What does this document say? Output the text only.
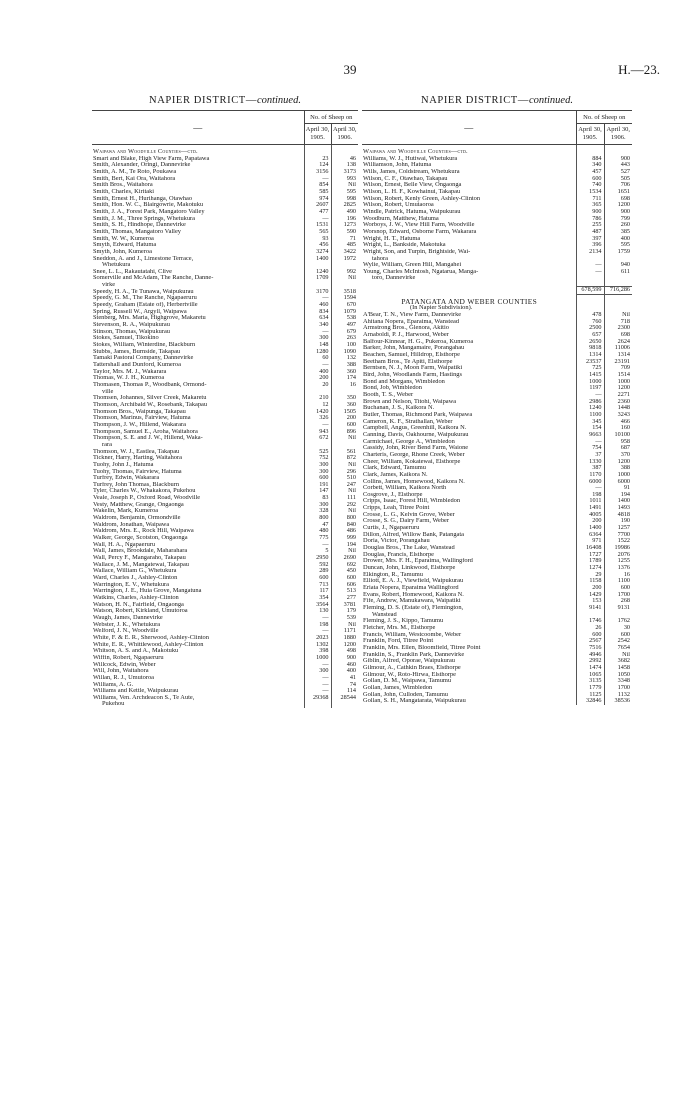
39	H.—23.
NAPIER DISTRICT—continued.
—	No. of Sheep on	
	April 30, 1905.	April 30, 1906.

Waipawa and Woodville Counties—ctd.		
Smart and Blake, High View Farm, Papatawa	23	46
Smith, Alexander, Oringi, Dannevirke	124	138
Smith, A. M., Te Roto, Poukawa	3156	3173
Smith, Bert, Kai Ora, Waitahora	—	993
Smith Bros., Waitahora	854	Nil
Smith, Charles, Kiritaki	585	595
Smith, Ernest H., Hurihanga, Otawhao	974	998
Smith, Hon. W. C., Blairgowrie, Makotuku	2607	2825
Smith, J. A., Forest Park, Mangatoro Valley	477	490
Smith, J. M., Three Springs, Whetukura	—	196
Smith, S. H., Hindhope, Dannevirke	1531	1273
Smith, Thomas, Mangatoro Valley	565	590
Smith, W. W., Kumeroa	93	71
Smyth, Edward, Hatuma	456	485
Smyth, John, Kumeroa	3274	3422
Sneddon, A. and J., Limestone Terrace,	1400	1972
Whetukura		
Snee, L. L., Rakautatahi, Clive	1240	992
Somerville and McAdam, The Ranche, Danne-	1709	Nil
virke		
Speedy, H. A., Te Tunawa, Waipukurau	3170	3518
Speedy, G. M., The Ranche, Ngapaeruru	—	1594
Speedy, Graham (Estate of), Herbertville	460	670
Spring, Russell W., Argyll, Waipawa	834	1079
Stenberg, Mrs. Maria, Highgrove, Makaretu	634	538
Stevenson, R. A., Waipukurau	340	497
Stinson, Thomas, Waipukurau	—	679
Stokes, Samuel, Tikokino	300	263
Stokes, William, Winterdine, Blackburn	148	100
Stubbs, James, Burnside, Takapau	1280	1090
Tamaki Pastoral Company, Dannevirke	60	132
Tattershall and Dunford, Kumeroa	—	388
Taylor, Mrs. M. J., Wakarara	400	360
Thomas, W. J. H., Kumeroa	200	174
Thomasen, Thomas P., Woodbank, Ormond-	20	16
ville		
Thomsen, Johannes, Silver Creek, Makaretu	210	350
Thomson, Archibald W., Rosebank, Takapau	12	360
Thomson Bros., Waipunga, Takapau	1420	1505
Thomson, Marinus, Fairview, Hatuma	326	200
Thompson, J. W., Hillend, Wakarara	—	600
Thompson, Samuel E., Aroha, Waitahora	943	896
Thompson, S. E. and J. W., Hillend, Waka-	672	Nil
rara		
Thomson, W. J., Eastlea, Takapau	525	561
Tickner, Harry, Harting, Waitahora	752	872
Tuohy, John J., Hatuma	300	Nil
Tuohy, Thomas, Fairview, Hatuma	300	296
Turfrey, Edwin, Wakarara	600	510
Turfrey, John Thomas, Blackburn	191	247
Tyler, Charles W., Whakakora, Pukehou	147	Nil
Veale, Joseph P., Oxford Road, Woodville	83	111
Vesty, Matthew, Grange, Ongaonga	300	292
Wakelin, Mark, Kumeroa	328	Nil
Waldrom, Benjamin, Ormondville	800	800
Waldrom, Jonathan, Waipawa	47	840
Waldrom, Mrs. E., Rock Hill, Waipawa	480	486
Walker, George, Scotston, Ongaonga	775	999
Wall, H. A., Ngapaeruru	—	194
Wall, James, Brookdale, Maharahara	5	Nil
Wall, Percy F., Mangaraho, Takapau	2950	2690
Wallace, J. M., Mangatewai, Takapau	592	692
Wallace, William G., Whetukura	289	450
Ward, Charles J., Ashley-Clinton	600	600
Warrington, E. V., Whetukura	713	606
Warrington, J. E., Huia Grove, Mangatuna	117	513
Watkins, Charles, Ashley-Clinton	354	277
Watson, H. N., Fairfield, Ongaonga	3564	3781
Watson, Robert, Kirkland, Umutoroa	130	179
Waugh, James, Dannevirke	—	539
Webster, J. K., Whetukura	198	Nil
Welford, J. N., Woodville	—	1171
White, F. & E. R., Sherwood, Ashley-Clinton	2023	1880
White, E. R., Whittlewood, Ashley-Clinton	1302	1200
Whitson, A. S. and A., Makotuku	398	498
Wiffin, Robert, Ngapaeruru	1000	900
Willcock, Edwin, Weber	—	460
Will, John, Waitahora	300	400
Willan, R. J., Umutoroa	—	41
Williams, A. G.	—	74
Williams and Kettle, Waipukurau	—	114
Williams, Ven. Archdeacon S., Te Aute,	29368	28544
Pukehou		
NAPIER DISTRICT—continued.
—	No. of Sheep on	
	April 30, 1905.	April 30, 1906.

Waipawa and Woodville Counties—ctd.		
Williams, W. J., Hutiwai, Whetukura	884	900
Williamson, John, Hatuma	340	443
Wills, James, Coldstream, Whetukura	457	527
Wilson, C. F., Otawhao, Takapau	600	505
Wilson, Ernest, Belle View, Ongaonga	740	706
Wilson, L. H. F., Kowhainui, Takapau	1534	1651
Wilson, Robert, Kenly Green, Ashley-Clinton	711	698
Wilson, Robert, Umutaoroa	365	1200
Windle, Patrick, Hatuma, Waipukurau	900	900
Woodburn, Matthew, Hatuma	786	799
Worboys, J. W., View Hill Farm, Woodville	255	260
Worsnop, Edward, Osborne Farm, Wakarara	487	385
Wright, H. T., Hatuma	397	400
Wright, L., Bankside, Makotuka	396	595
Wright, Son, and Turpin, Brightside, Wai-	2134	1759
tahora		
Wylie, William, Green Hill, Mangahei	—	940
Young, Charles McIntosh, Ngatarua, Manga-	—	611
toro, Dannevirke		

	678,599	716,286

PATANGATA AND WEBER COUNTIES		
(In Napier Subdivision).		
A'Bear, T. N., View Farm, Dannevirke	478	Nil
Ahitana Nopera, Eparaima, Wanstead	760	718
Armstrong Bros., Glenora, Akitio	2500	2300
Arnaboldi, P. J., Harwood, Weber	657	698
Balfour-Kinnear, H. G., Pukeroa, Kumeroa	2650	2624
Barker, John, Mangamaire, Porangahau	9818	11006
Beachen, Samuel, Hilldrop, Elsthorpe	1314	1314
Beetham Bros., Te Apiti, Elsthorpe	23537	23191
Berntsen, N. J., Moon Farm, Waipatiki	725	709
Bird, John, Woodlands Farm, Hastings	1415	1514
Bond and Morgans, Wimbledon	1000	1000
Bond, Job, Wimbledon	1197	1200
Booth, T. S., Weber	—	2271
Brown and Nelson, Titohi, Waipawa	2986	2360
Buchanan, J. S., Kaikora N.	1240	1448
Butler, Thomas, Richmond Park, Waipawa	1100	3243
Cameron, K. F., Strathallan, Weber	345	466
Campbell, Angus, Greenhill, Kaikora N.	154	160
Canning, Davis, Oakhourne, Waipukurau	9663	10100
Carmichael, George A., Wimbledon	—	958
Cassidy, John, River Bend Farm, Waione	754	687
Charteris, George, Rhone Creek, Weber	37	370
Cheer, William, Kokatewai, Elsthorpe	1330	1200
Clark, Edward, Tamumu	387	388
Clark, James, Kaikora N.	1170	1000
Collins, James, Homewood, Kaikora N.	6000	6000
Corbett, William, Kaikora North	—	91
Cosgrove, J., Elsthorpe	198	194
Cripps, Isaac, Forest Hill, Wimbledon	1011	1400
Cripps, Leah, Titree Point	1491	1493
Crosse, L. G., Kelvin Grove, Weber	4005	4818
Crosse, S. G., Dairy Farm, Weber	200	190
Curtis, J., Ngapaeruru	1400	1257
Dillon, Alfred, Willow Bank, Patangata	6364	7700
Doria, Victor, Porangahau	971	1522
Douglas Bros., The Lake, Wanstead	16408	19986
Douglas, Francis, Elsthorpe	1727	2076
Drower, Mrs. F. H., Eparaima, Wallingford	1789	1255
Duncan, John, Linkwood, Elsthorpe	1274	1376
Elkington, R., Tamumu	29	16
Elliott, E. A. J., Viewfield, Waipukurau	1158	1100
Eriata Nopera, Eparaima Wallingford	200	600
Evans, Robert, Homewood, Kaikora N.	1429	1700
Fife, Andrew, Manukawara, Waipatiki	153	268
Fleming, D. S. (Estate of), Flemington,	9141	9131
Wanstead		
Fleming, J. S., Kippo, Tamumu	1746	1762
Fletcher, Mrs. M., Elsthorpe	26	30
Francis, William, Westcoombe, Weber	600	600
Franklin, Ford, Titree Point	2567	2542
Franklin, Mrs. Ellen, Bloomfield, Titree Point	7516	7654
Franklin, S., Franklin Park, Dannevirke	4946	Nil
Giblin, Alfred, Oporae, Waipukurau	2992	3682
Gilmour, A., Cathkin Braes, Elsthorpe	1474	1458
Gilmour, W., Roto-Hirwa, Elsthorpe	1065	1050
Gollan, D. M., Waipawa, Tamumu	3135	3348
Gollan, James, Wimbledon	1779	1700
Gollan, John, Culloden, Tamumu	1125	1132
Gollan, S. H., Mangatarata, Waipukurau	32846	38536
